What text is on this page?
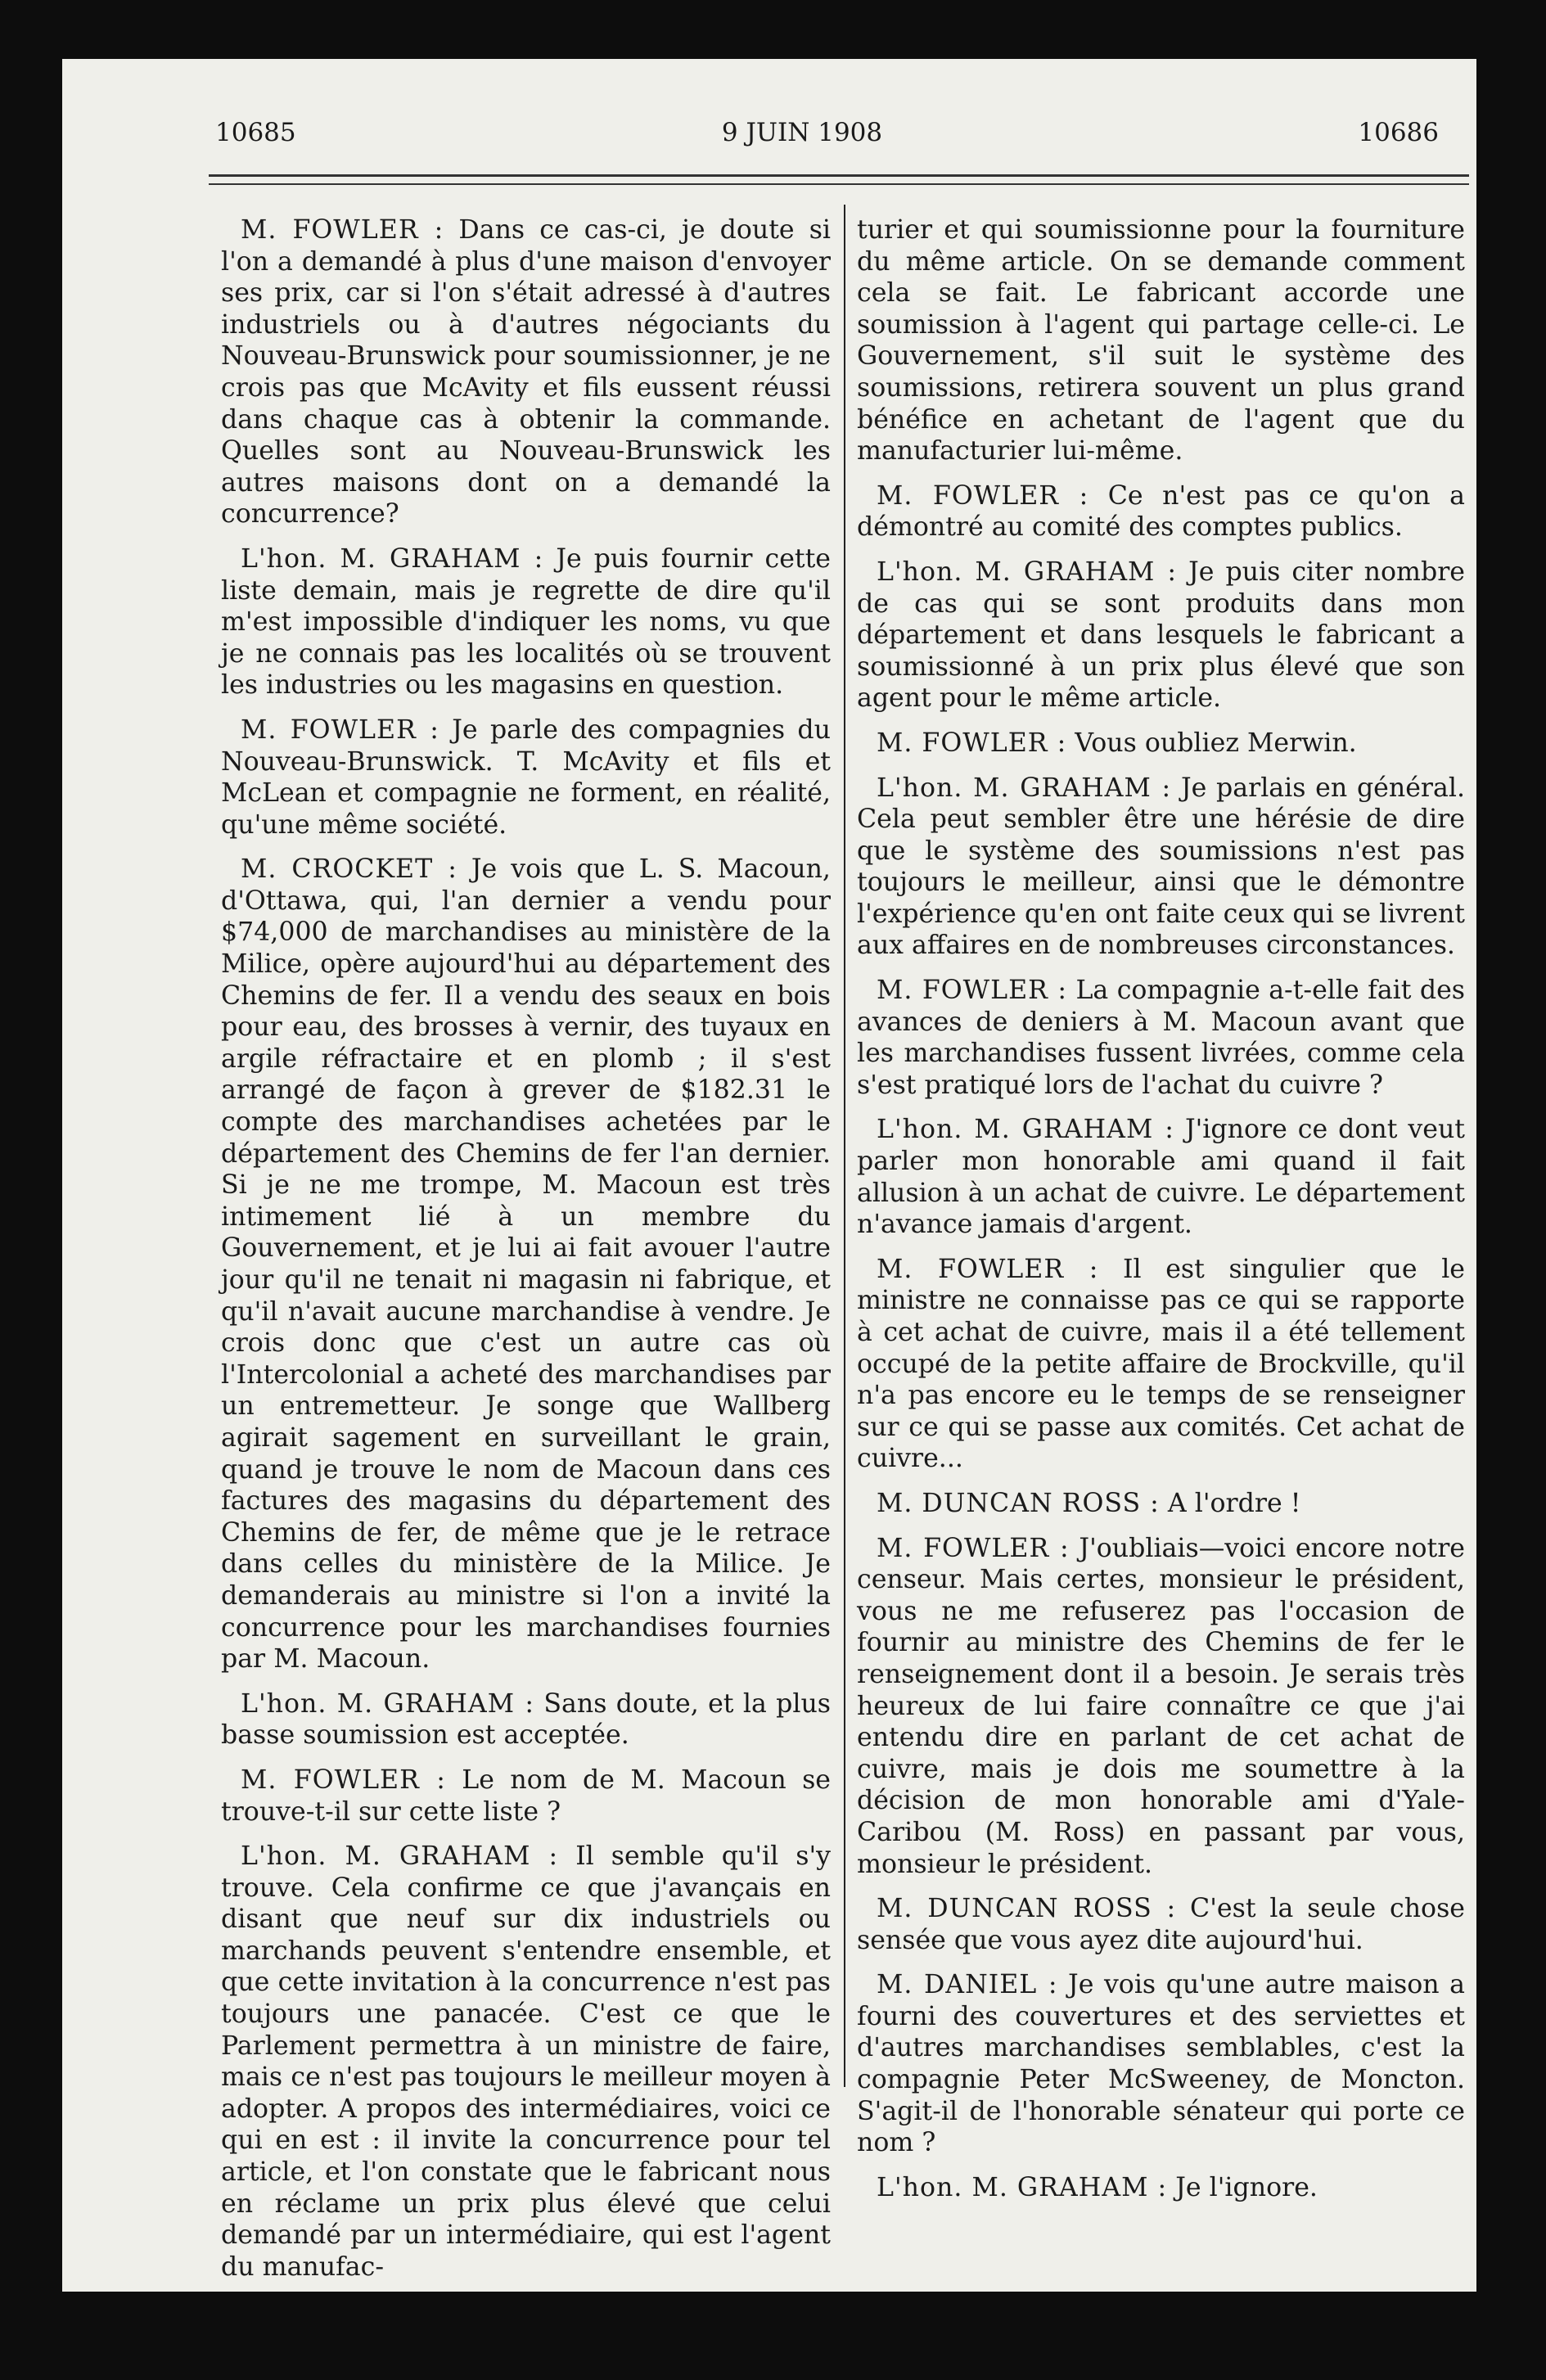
10685	9 JUIN 1908	10686

M. FOWLER : Dans ce cas-ci, je doute si l'on a demandé à plus d'une maison d'envoyer ses prix, car si l'on s'était adressé à d'autres industriels ou à d'autres négociants du Nouveau-Brunswick pour soumissionner, je ne crois pas que McAvity et fils eussent réussi dans chaque cas à obtenir la commande. Quelles sont au Nouveau-Brunswick les autres maisons dont on a demandé la concurrence?

L'hon. M. GRAHAM : Je puis fournir cette liste demain, mais je regrette de dire qu'il m'est impossible d'indiquer les noms, vu que je ne connais pas les localités où se trouvent les industries ou les magasins en question.

M. FOWLER : Je parle des compagnies du Nouveau-Brunswick. T. McAvity et fils et McLean et compagnie ne forment, en réalité, qu'une même société.

M. CROCKET : Je vois que L. S. Macoun, d'Ottawa, qui, l'an dernier a vendu pour $74,000 de marchandises au ministère de la Milice, opère aujourd'hui au département des Chemins de fer. Il a vendu des seaux en bois pour eau, des brosses à vernir, des tuyaux en argile réfractaire et en plomb ; il s'est arrangé de façon à grever de $182.31 le compte des marchandises achetées par le département des Chemins de fer l'an dernier. Si je ne me trompe, M. Macoun est très intimement lié à un membre du Gouvernement, et je lui ai fait avouer l'autre jour qu'il ne tenait ni magasin ni fabrique, et qu'il n'avait aucune marchandise à vendre. Je crois donc que c'est un autre cas où l'Intercolonial a acheté des marchandises par un entremetteur. Je songe que Wallberg agirait sagement en surveillant le grain, quand je trouve le nom de Macoun dans ces factures des magasins du département des Chemins de fer, de même que je le retrace dans celles du ministère de la Milice. Je demanderais au ministre si l'on a invité la concurrence pour les marchandises fournies par M. Macoun.

L'hon. M. GRAHAM : Sans doute, et la plus basse soumission est acceptée.

M. FOWLER : Le nom de M. Macoun se trouve-t-il sur cette liste ?

L'hon. M. GRAHAM : Il semble qu'il s'y trouve. Cela confirme ce que j'avançais en disant que neuf sur dix industriels ou marchands peuvent s'entendre ensemble, et que cette invitation à la concurrence n'est pas toujours une panacée. C'est ce que le Parlement permettra à un ministre de faire, mais ce n'est pas toujours le meilleur moyen à adopter. A propos des intermédiaires, voici ce qui en est : il invite la concurrence pour tel article, et l'on constate que le fabricant nous en réclame un prix plus élevé que celui demandé par un intermédiaire, qui est l'agent du manufac-

turier et qui soumissionne pour la fourniture du même article. On se demande comment cela se fait. Le fabricant accorde une soumission à l'agent qui partage celle-ci. Le Gouvernement, s'il suit le système des soumissions, retirera souvent un plus grand bénéfice en achetant de l'agent que du manufacturier lui-même.

M. FOWLER : Ce n'est pas ce qu'on a démontré au comité des comptes publics.

L'hon. M. GRAHAM : Je puis citer nombre de cas qui se sont produits dans mon département et dans lesquels le fabricant a soumissionné à un prix plus élevé que son agent pour le même article.

M. FOWLER : Vous oubliez Merwin.

L'hon. M. GRAHAM : Je parlais en général. Cela peut sembler être une hérésie de dire que le système des soumissions n'est pas toujours le meilleur, ainsi que le démontre l'expérience qu'en ont faite ceux qui se livrent aux affaires en de nombreuses circonstances.

M. FOWLER : La compagnie a-t-elle fait des avances de deniers à M. Macoun avant que les marchandises fussent livrées, comme cela s'est pratiqué lors de l'achat du cuivre ?

L'hon. M. GRAHAM : J'ignore ce dont veut parler mon honorable ami quand il fait allusion à un achat de cuivre. Le département n'avance jamais d'argent.

M. FOWLER : Il est singulier que le ministre ne connaisse pas ce qui se rapporte à cet achat de cuivre, mais il a été tellement occupé de la petite affaire de Brockville, qu'il n'a pas encore eu le temps de se renseigner sur ce qui se passe aux comités. Cet achat de cuivre...

M. DUNCAN ROSS : A l'ordre !

M. FOWLER : J'oubliais—voici encore notre censeur. Mais certes, monsieur le président, vous ne me refuserez pas l'occasion de fournir au ministre des Chemins de fer le renseignement dont il a besoin. Je serais très heureux de lui faire connaître ce que j'ai entendu dire en parlant de cet achat de cuivre, mais je dois me soumettre à la décision de mon honorable ami d'Yale-Caribou (M. Ross) en passant par vous, monsieur le président.

M. DUNCAN ROSS : C'est la seule chose sensée que vous ayez dite aujourd'hui.

M. DANIEL : Je vois qu'une autre maison a fourni des couvertures et des serviettes et d'autres marchandises semblables, c'est la compagnie Peter McSweeney, de Moncton. S'agit-il de l'honorable sénateur qui porte ce nom ?

L'hon. M. GRAHAM : Je l'ignore.
